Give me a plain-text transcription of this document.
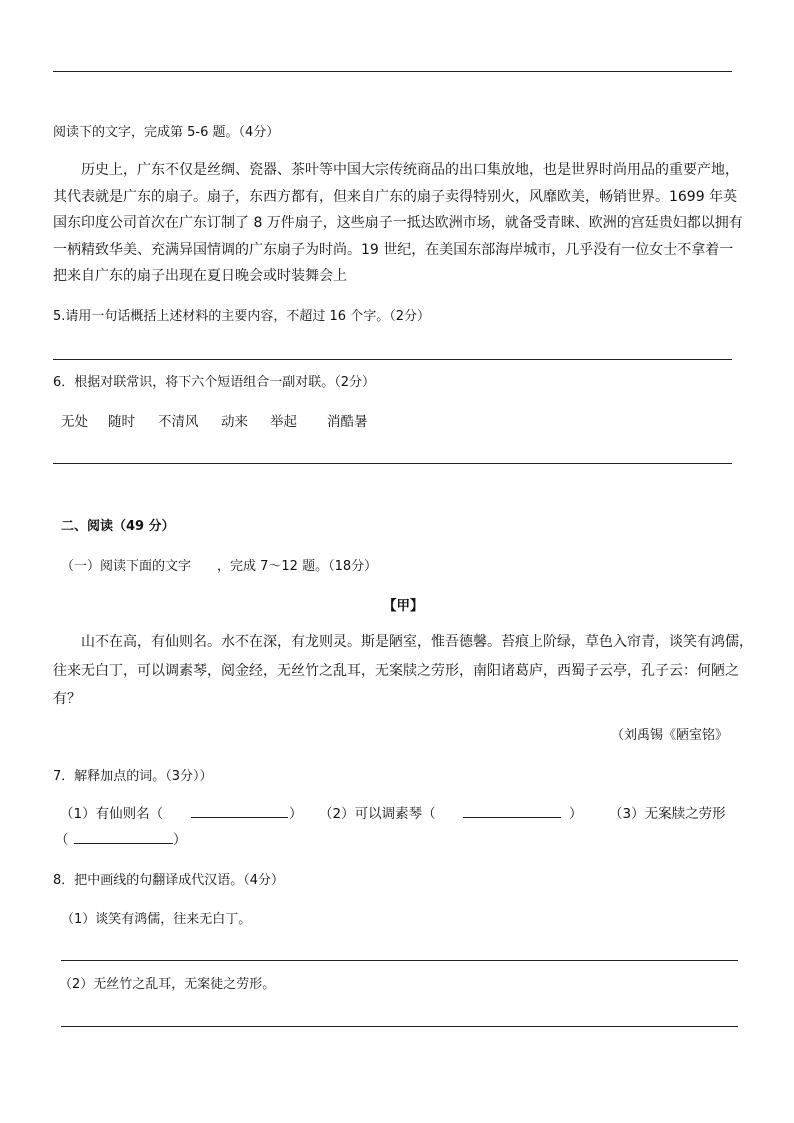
阅读下的文字，完成第 5-6 题。（4分）
历史上，广东不仅是丝绸、瓷器、茶叶等中国大宗传统商品的出口集放地，也是世界时尚用品的重要产地，其代表就是广东的扇子。扇子，东西方都有，但来自广东的扇子卖得特别火，风靡欧美，畅销世界。1699 年英国东印度公司首次在广东订制了 8 万件扇子，这些扇子一抵达欧洲市场，就备受青睐、欧洲的宫廷贵妇都以拥有一柄精致华美、充满异国情调的广东扇子为时尚。19 世纪，在美国东部海岸城市，几乎没有一位女士不拿着一把来自广东的扇子出现在夏日晚会或时装舞会上
5.请用一句话概括上述材料的主要内容，不超过 16 个字。（2分）
6．根据对联常识，将下六个短语组合一副对联。（2分）
无处 随时 不清风 动来 举起 消酷暑
二、阅读（49 分）
（一）阅读下面的文字　　，完成 7～12 题。（18分）
【甲】
山不在高，有仙则名。水不在深，有龙则灵。斯是陋室，惟吾德馨。苔痕上阶绿，草色入帘青，谈笑有鸿儒，往来无白丁，可以调素琴，阅金经，无丝竹之乱耳，无案牍之劳形，南阳诸葛庐，西蜀子云亭，孔子云：何陋之有？
（刘禹锡《陋室铭》
7．解释加点的词。（3分））
（1）有仙则名（	） （2）可以调素琴（	） （3）无案牍之劳形
（	）
8．把中画线的句翻译成代汉语。（4分）
（1）谈笑有鸿儒，往来无白丁。
（2）无丝竹之乱耳，无案徒之劳形。
